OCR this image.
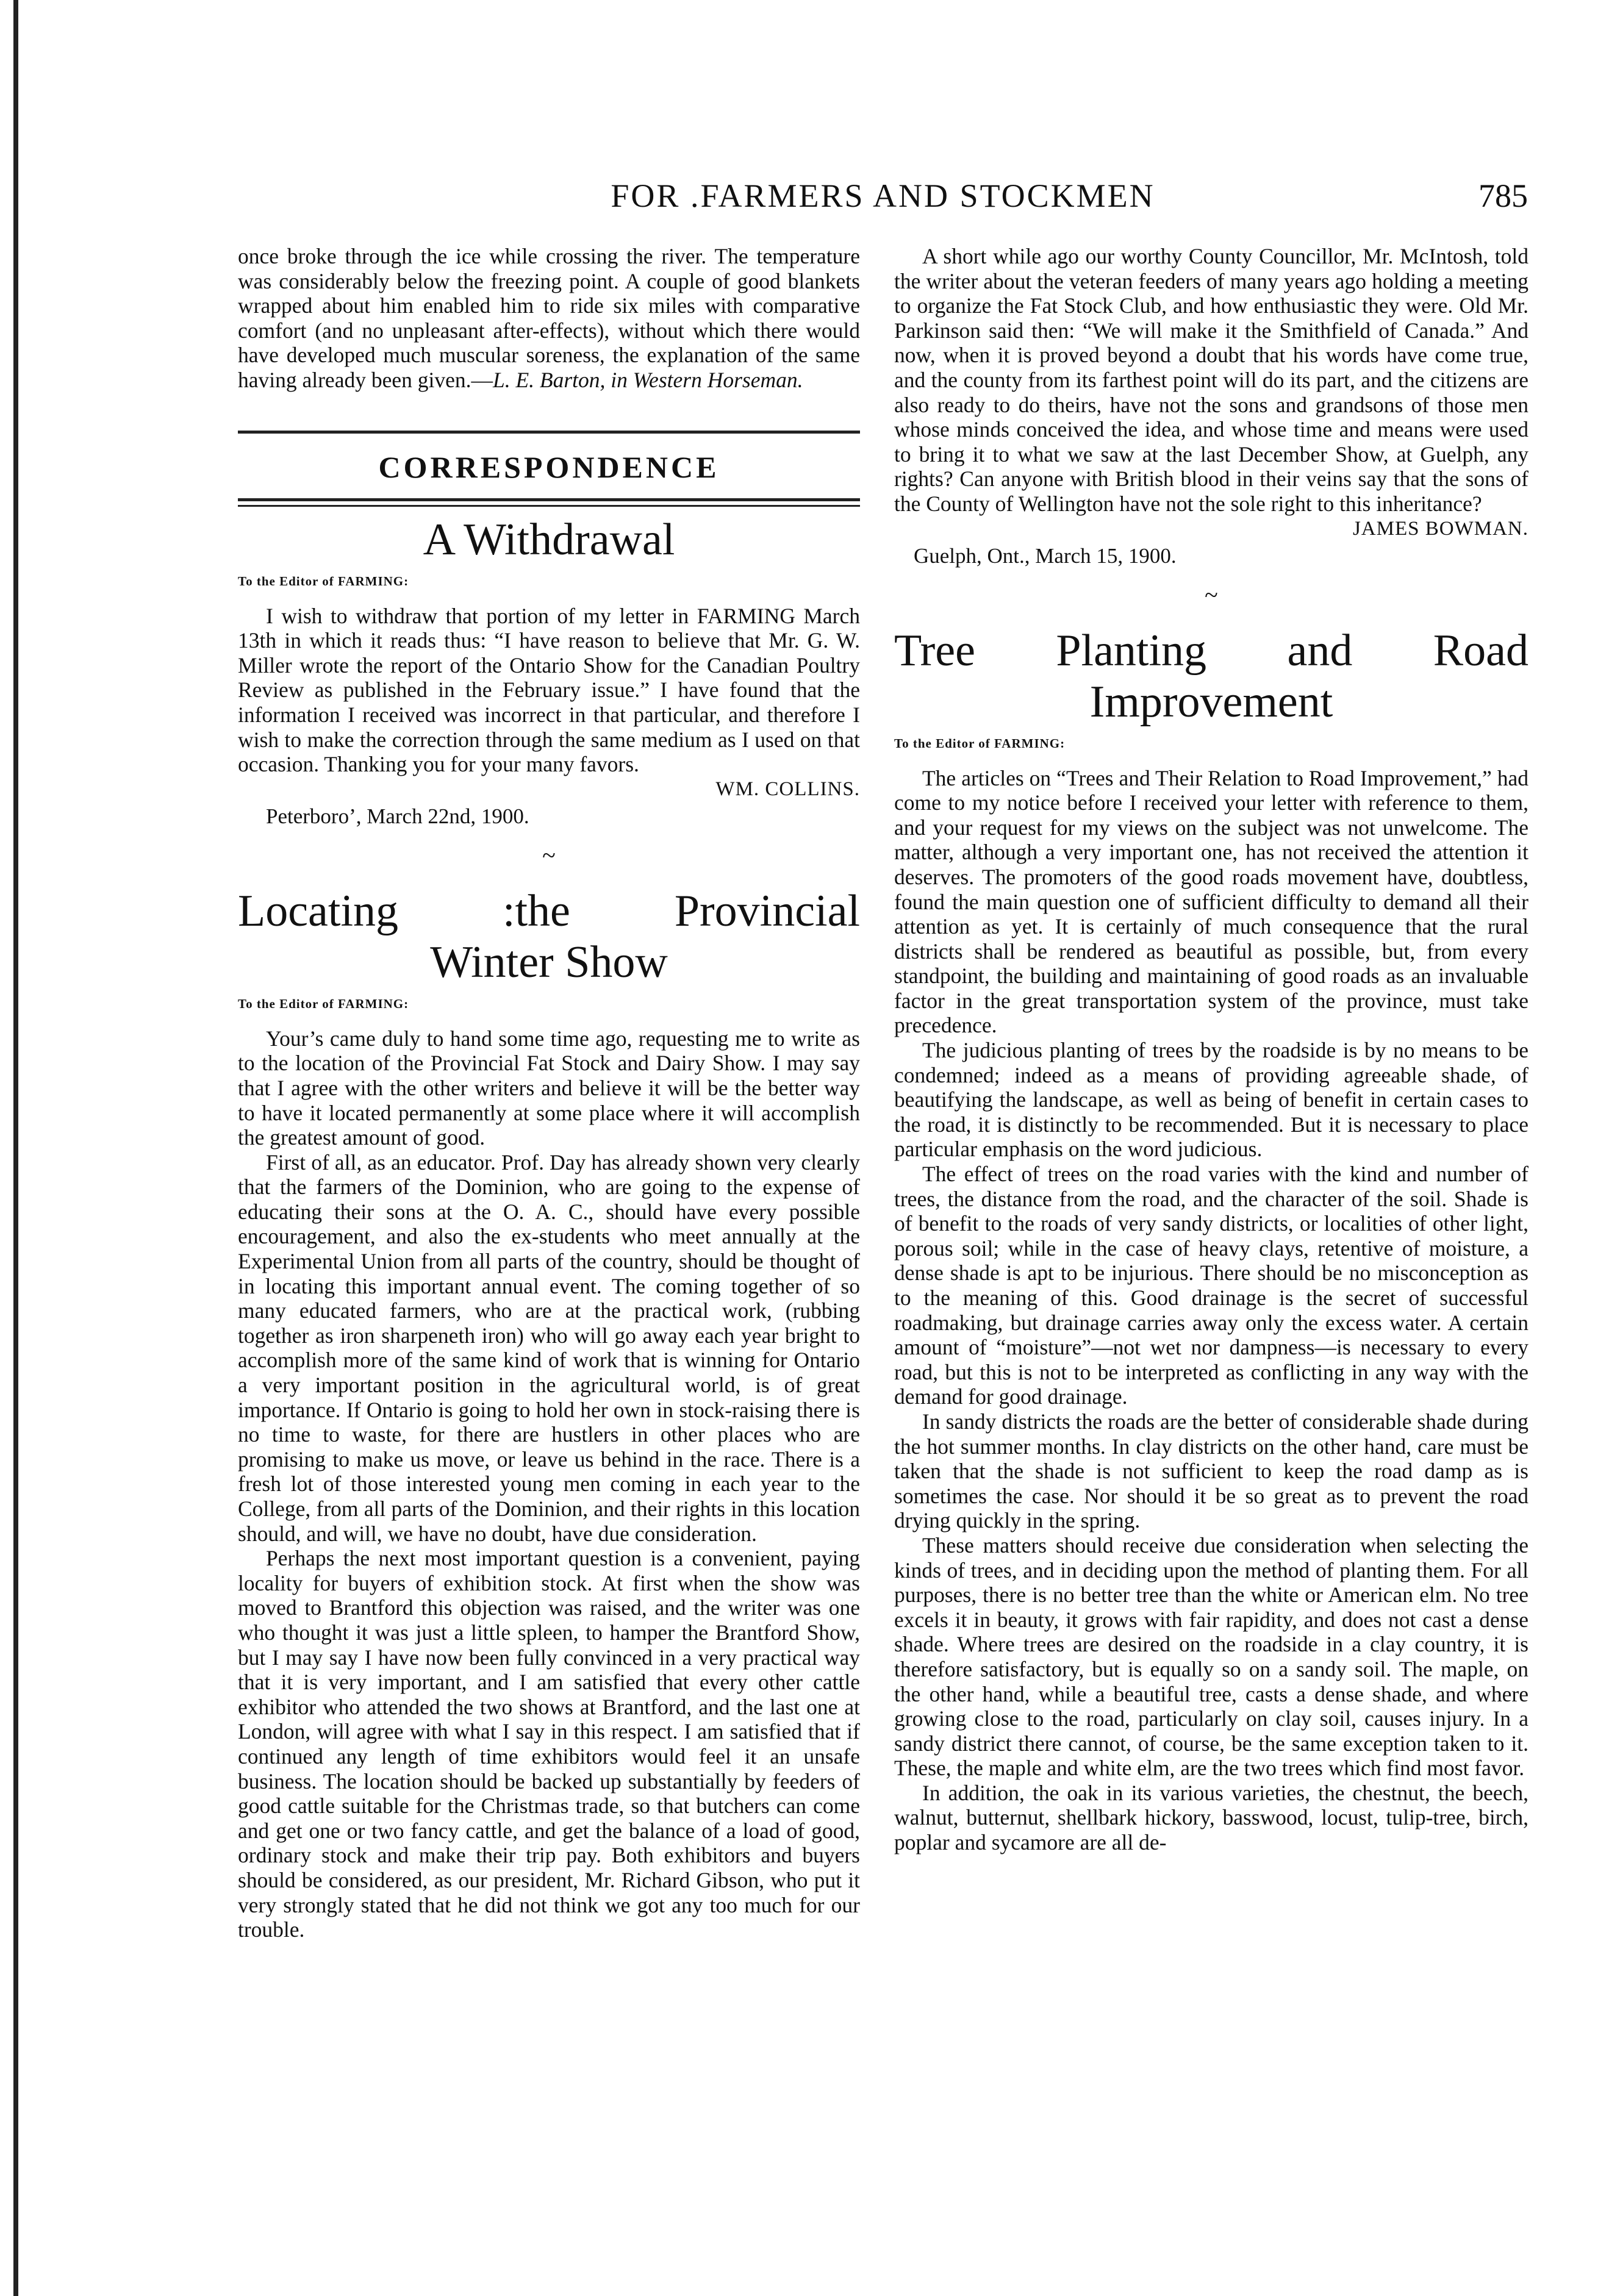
FOR .FARMERS AND STOCKMEN	785

once broke through the ice while crossing the river. The temperature was considerably below the freezing point. A couple of good blankets wrapped about him enabled him to ride six miles with comparative comfort (and no unpleasant after-effects), without which there would have developed much muscular soreness, the explanation of the same having already been given.—L. E. Barton, in Western Horseman.

CORRESPONDENCE
A Withdrawal
To the Editor of FARMING:

I wish to withdraw that portion of my letter in FARMING March 13th in which it reads thus: “I have reason to believe that Mr. G. W. Miller wrote the report of the Ontario Show for the Canadian Poultry Review as published in the February issue.” I have found that the information I received was incorrect in that particular, and therefore I wish to make the correction through the same medium as I used on that occasion. Thanking you for your many favors.

WM. COLLINS.
Peterboro’, March 22nd, 1900.
~
Locating :the Provincial
Winter Show
To the Editor of FARMING:

Your’s came duly to hand some time ago, requesting me to write as to the location of the Provincial Fat Stock and Dairy Show. I may say that I agree with the other writers and believe it will be the better way to have it located permanently at some place where it will accomplish the greatest amount of good.

First of all, as an educator. Prof. Day has already shown very clearly that the farmers of the Dominion, who are going to the expense of educating their sons at the O. A. C., should have every possible encouragement, and also the ex-students who meet annually at the Experimental Union from all parts of the country, should be thought of in locating this important annual event. The coming together of so many educated farmers, who are at the practical work, (rubbing together as iron sharpeneth iron) who will go away each year bright to accomplish more of the same kind of work that is winning for Ontario a very important position in the agricultural world, is of great importance. If Ontario is going to hold her own in stock-raising there is no time to waste, for there are hustlers in other places who are promising to make us move, or leave us behind in the race. There is a fresh lot of those interested young men coming in each year to the College, from all parts of the Dominion, and their rights in this location should, and will, we have no doubt, have due consideration.

Perhaps the next most important question is a convenient, paying locality for buyers of exhibition stock. At first when the show was moved to Brantford this objection was raised, and the writer was one who thought it was just a little spleen, to hamper the Brantford Show, but I may say I have now been fully convinced in a very practical way that it is very important, and I am satisfied that every other cattle exhibitor who attended the two shows at Brantford, and the last one at London, will agree with what I say in this respect. I am satisfied that if continued any length of time exhibitors would feel it an unsafe business. The location should be backed up substantially by feeders of good cattle suitable for the Christmas trade, so that butchers can come and get one or two fancy cattle, and get the balance of a load of good, ordinary stock and make their trip pay. Both exhibitors and buyers should be considered, as our president, Mr. Richard Gibson, who put it very strongly stated that he did not think we got any too much for our trouble.

A short while ago our worthy County Councillor, Mr. McIntosh, told the writer about the veteran feeders of many years ago holding a meeting to organize the Fat Stock Club, and how enthusiastic they were. Old Mr. Parkinson said then: “We will make it the Smithfield of Canada.” And now, when it is proved beyond a doubt that his words have come true, and the county from its farthest point will do its part, and the citizens are also ready to do theirs, have not the sons and grandsons of those men whose minds conceived the idea, and whose time and means were used to bring it to what we saw at the last December Show, at Guelph, any rights? Can anyone with British blood in their veins say that the sons of the County of Wellington have not the sole right to this inheritance?

JAMES BOWMAN.
Guelph, Ont., March 15, 1900.
~
Tree Planting and Road
Improvement
To the Editor of FARMING:

The articles on “Trees and Their Relation to Road Improvement,” had come to my notice before I received your letter with reference to them, and your request for my views on the subject was not unwelcome. The matter, although a very important one, has not received the attention it deserves. The promoters of the good roads movement have, doubtless, found the main question one of sufficient difficulty to demand all their attention as yet. It is certainly of much consequence that the rural districts shall be rendered as beautiful as possible, but, from every standpoint, the building and maintaining of good roads as an invaluable factor in the great transportation system of the province, must take precedence.

The judicious planting of trees by the roadside is by no means to be condemned; indeed as a means of providing agreeable shade, of beautifying the landscape, as well as being of benefit in certain cases to the road, it is distinctly to be recommended. But it is necessary to place particular emphasis on the word judicious.

The effect of trees on the road varies with the kind and number of trees, the distance from the road, and the character of the soil. Shade is of benefit to the roads of very sandy districts, or localities of other light, porous soil; while in the case of heavy clays, retentive of moisture, a dense shade is apt to be injurious. There should be no misconception as to the meaning of this. Good drainage is the secret of successful roadmaking, but drainage carries away only the excess water. A certain amount of “moisture”—not wet nor dampness—is necessary to every road, but this is not to be interpreted as conflicting in any way with the demand for good drainage.

In sandy districts the roads are the better of considerable shade during the hot summer months. In clay districts on the other hand, care must be taken that the shade is not sufficient to keep the road damp as is sometimes the case. Nor should it be so great as to prevent the road drying quickly in the spring.

These matters should receive due consideration when selecting the kinds of trees, and in deciding upon the method of planting them. For all purposes, there is no better tree than the white or American elm. No tree excels it in beauty, it grows with fair rapidity, and does not cast a dense shade. Where trees are desired on the roadside in a clay country, it is therefore satisfactory, but is equally so on a sandy soil. The maple, on the other hand, while a beautiful tree, casts a dense shade, and where growing close to the road, particularly on clay soil, causes injury. In a sandy district there cannot, of course, be the same exception taken to it. These, the maple and white elm, are the two trees which find most favor.

In addition, the oak in its various varieties, the chestnut, the beech, walnut, butternut, shellbark hickory, basswood, locust, tulip-tree, birch, poplar and sycamore are all de-
